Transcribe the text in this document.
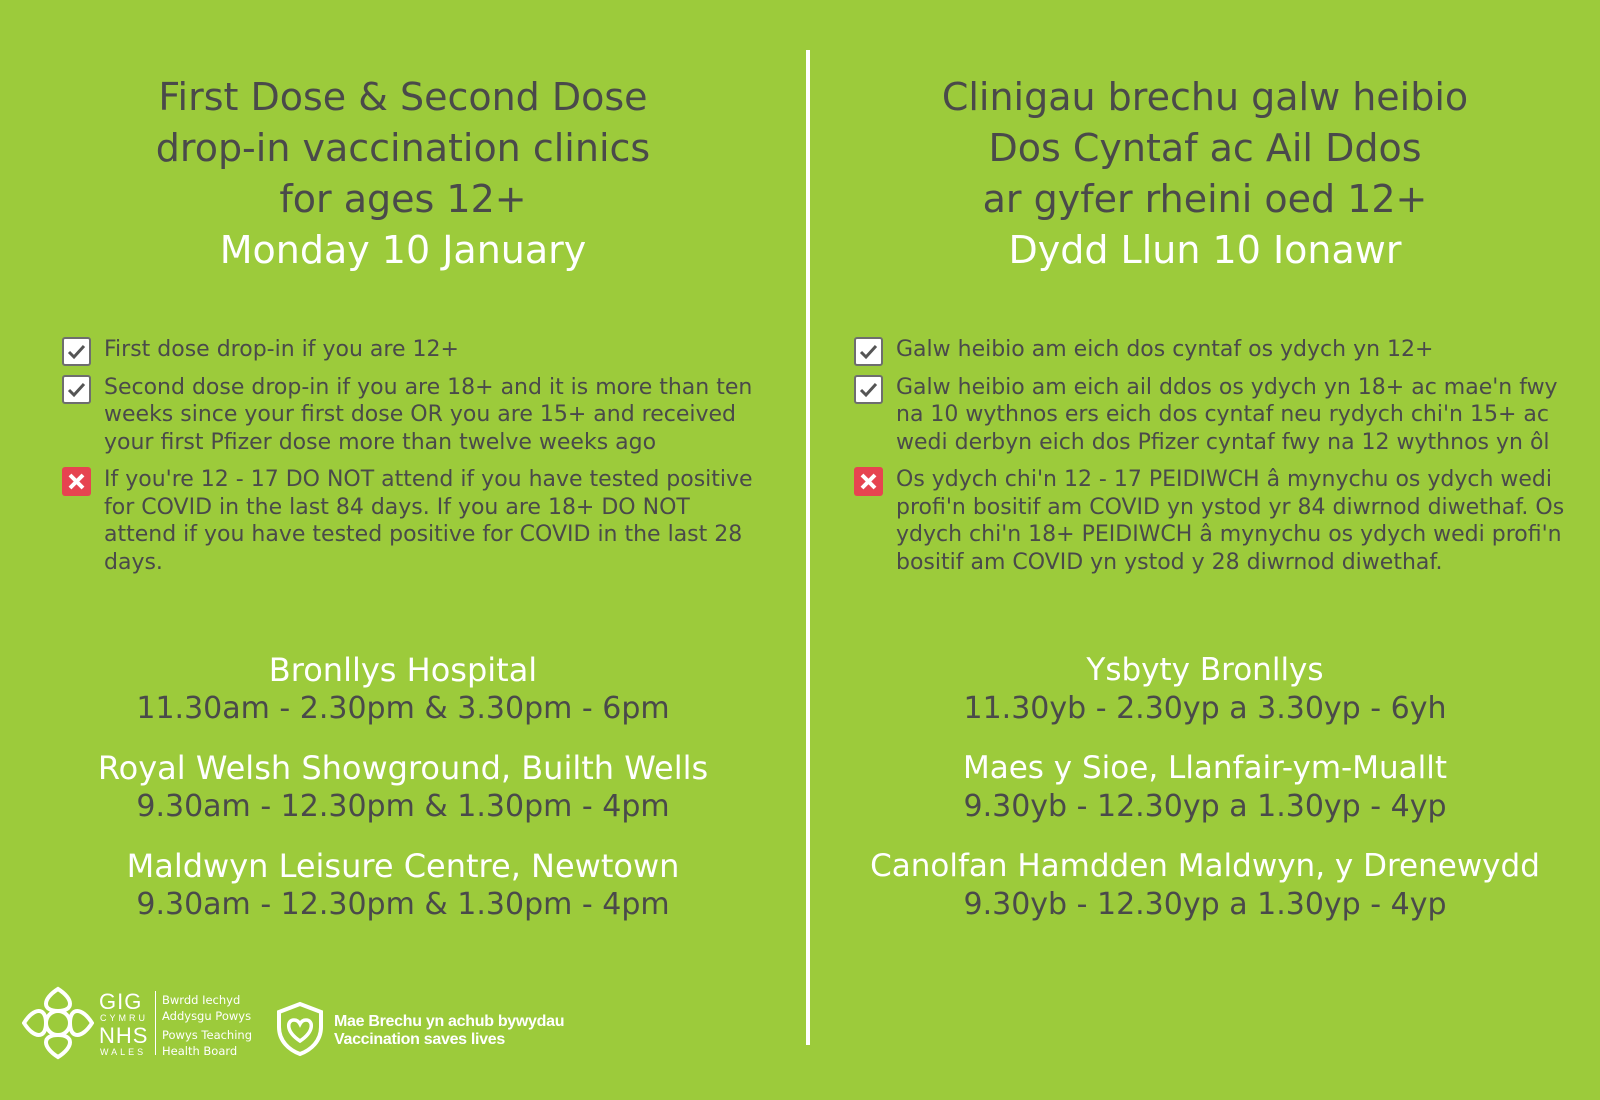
First Dose & Second Dose
drop-in vaccination clinics
for ages 12+
Monday 10 January
First dose drop-in if you are 12+
Second dose drop-in if you are 18+ and it is more than ten weeks since your first dose OR you are 15+ and received your first Pfizer dose more than twelve weeks ago
If you're 12 - 17 DO NOT attend if you have tested positive for COVID in the last 84 days. If you are 18+ DO NOT attend if you have tested positive for COVID in the last 28 days.
Bronllys Hospital
11.30am - 2.30pm & 3.30pm - 6pm
Royal Welsh Showground, Builth Wells
9.30am - 12.30pm & 1.30pm - 4pm
Maldwyn Leisure Centre, Newtown
9.30am - 12.30pm & 1.30pm - 4pm
Clinigau brechu galw heibio
Dos Cyntaf ac Ail Ddos
ar gyfer rheini oed 12+
Dydd Llun 10 Ionawr
Galw heibio am eich dos cyntaf os ydych yn 12+
Galw heibio am eich ail ddos os ydych yn 18+ ac mae'n fwy na 10 wythnos ers eich dos cyntaf neu rydych chi'n 15+ ac wedi derbyn eich dos Pfizer cyntaf fwy na 12 wythnos yn ôl
Os ydych chi'n 12 - 17 PEIDIWCH â mynychu os ydych wedi profi'n bositif am COVID yn ystod yr 84 diwrnod diwethaf. Os ydych chi'n 18+ PEIDIWCH â mynychu os ydych wedi profi'n bositif am COVID yn ystod y 28 diwrnod diwethaf.
Ysbyty Bronllys
11.30yb - 2.30yp a 3.30yp - 6yh
Maes y Sioe, Llanfair-ym-Muallt
9.30yb - 12.30yp a 1.30yp - 4yp
Canolfan Hamdden Maldwyn, y Drenewydd
9.30yb - 12.30yp a 1.30yp - 4yp
GIG
CYMRU
NHS
WALES
Bwrdd Iechyd
Addysgu Powys
Powys Teaching
Health Board
Mae Brechu yn achub bywydau
Vaccination saves lives
